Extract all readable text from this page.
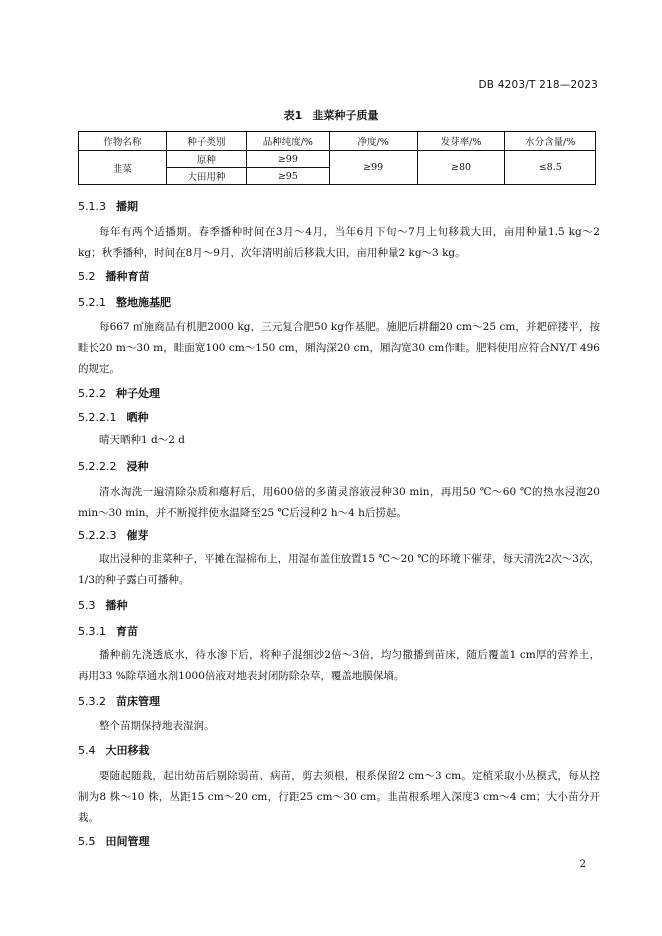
DB 4203/T 218—2023
表1 韭菜种子质量
作物名称	种子类别	品种纯度/%	净度/%	发芽率/%	水分含量/%
韭菜	原种	≥99	≥99	≥80	≤8.5
	大田用种	≥95			
5.1.3 播期

每年有两个适播期。春季播种时间在3月～4月，当年6月下旬～7月上旬移栽大田，亩用种量1.5 kg～2 kg；秋季播种，时间在8月～9月，次年清明前后移栽大田，亩用种量2 kg～3 kg。

5.2 播种育苗
5.2.1 整地施基肥

每667 ㎡施商品有机肥2000 kg，三元复合肥50 kg作基肥。施肥后耕翻20 cm～25 cm，并耙碎搂平，按畦长20 m～30 m，畦面宽100 cm～150 cm，厢沟深20 cm，厢沟宽30 cm作畦。肥料使用应符合NY/T 496的规定。

5.2.2 种子处理
5.2.2.1 晒种

晴天晒种1 d～2 d

5.2.2.2 浸种

清水淘洗一遍清除杂质和瘪籽后，用600倍的多菌灵溶液浸种30 min，再用50 ℃～60 ℃的热水浸泡20 min～30 min，并不断搅拌使水温降至25 ℃后浸种2 h～4 h后捞起。

5.2.2.3 催芽

取出浸种的韭菜种子，平摊在湿棉布上，用湿布盖住放置15 ℃～20 ℃的环境下催芽，每天清洗2次～3次，1/3的种子露白可播种。

5.3 播种
5.3.1 育苗

播种前先浇透底水，待水渗下后，将种子混细沙2倍～3倍，均匀撒播到苗床，随后覆盖1 cm厚的营养土，再用33 %除草通水剂1000倍液对地表封闭防除杂草，覆盖地膜保墒。

5.3.2 苗床管理

整个苗期保持地表湿润。

5.4 大田移栽

要随起随栽，起出幼苗后剔除弱苗、病苗，剪去须根，根系保留2 cm～3 cm。定植采取小丛模式，每从控制为8 株～10 株，丛距15 cm～20 cm，行距25 cm～30 cm。韭苗根系埋入深度3 cm～4 cm；大小苗分开栽。

5.5 田间管理
2
